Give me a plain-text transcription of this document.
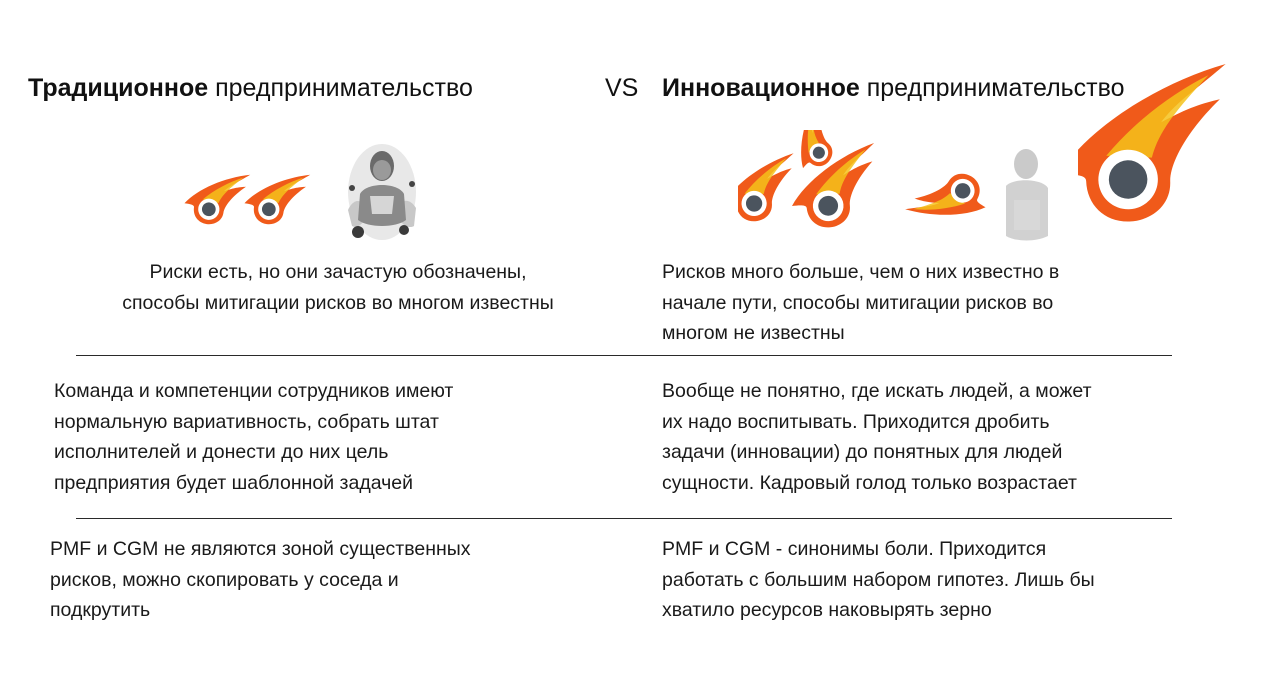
Традиционное предпринимательство	VS Инновационное предпринимательство
Риски есть, но они зачастую обозначены,
способы митигации рисков во многом известны
Рисков много больше, чем о них известно в
начале пути, способы митигации рисков во
многом не известны
Команда и компетенции сотрудников имеют
нормальную вариативность, собрать штат
исполнителей и донести до них цель
предприятия будет шаблонной задачей
Вообще не понятно, где искать людей, а может
их надо воспитывать. Приходится дробить
задачи (инновации) до понятных для людей
сущности. Кадровый голод только возрастает
PMF и CGM не являются зоной существенных
рисков, можно скопировать у соседа и
подкрутить
PMF и CGM - синонимы боли. Приходится
работать с большим набором гипотез. Лишь бы
хватило ресурсов наковырять зерно
